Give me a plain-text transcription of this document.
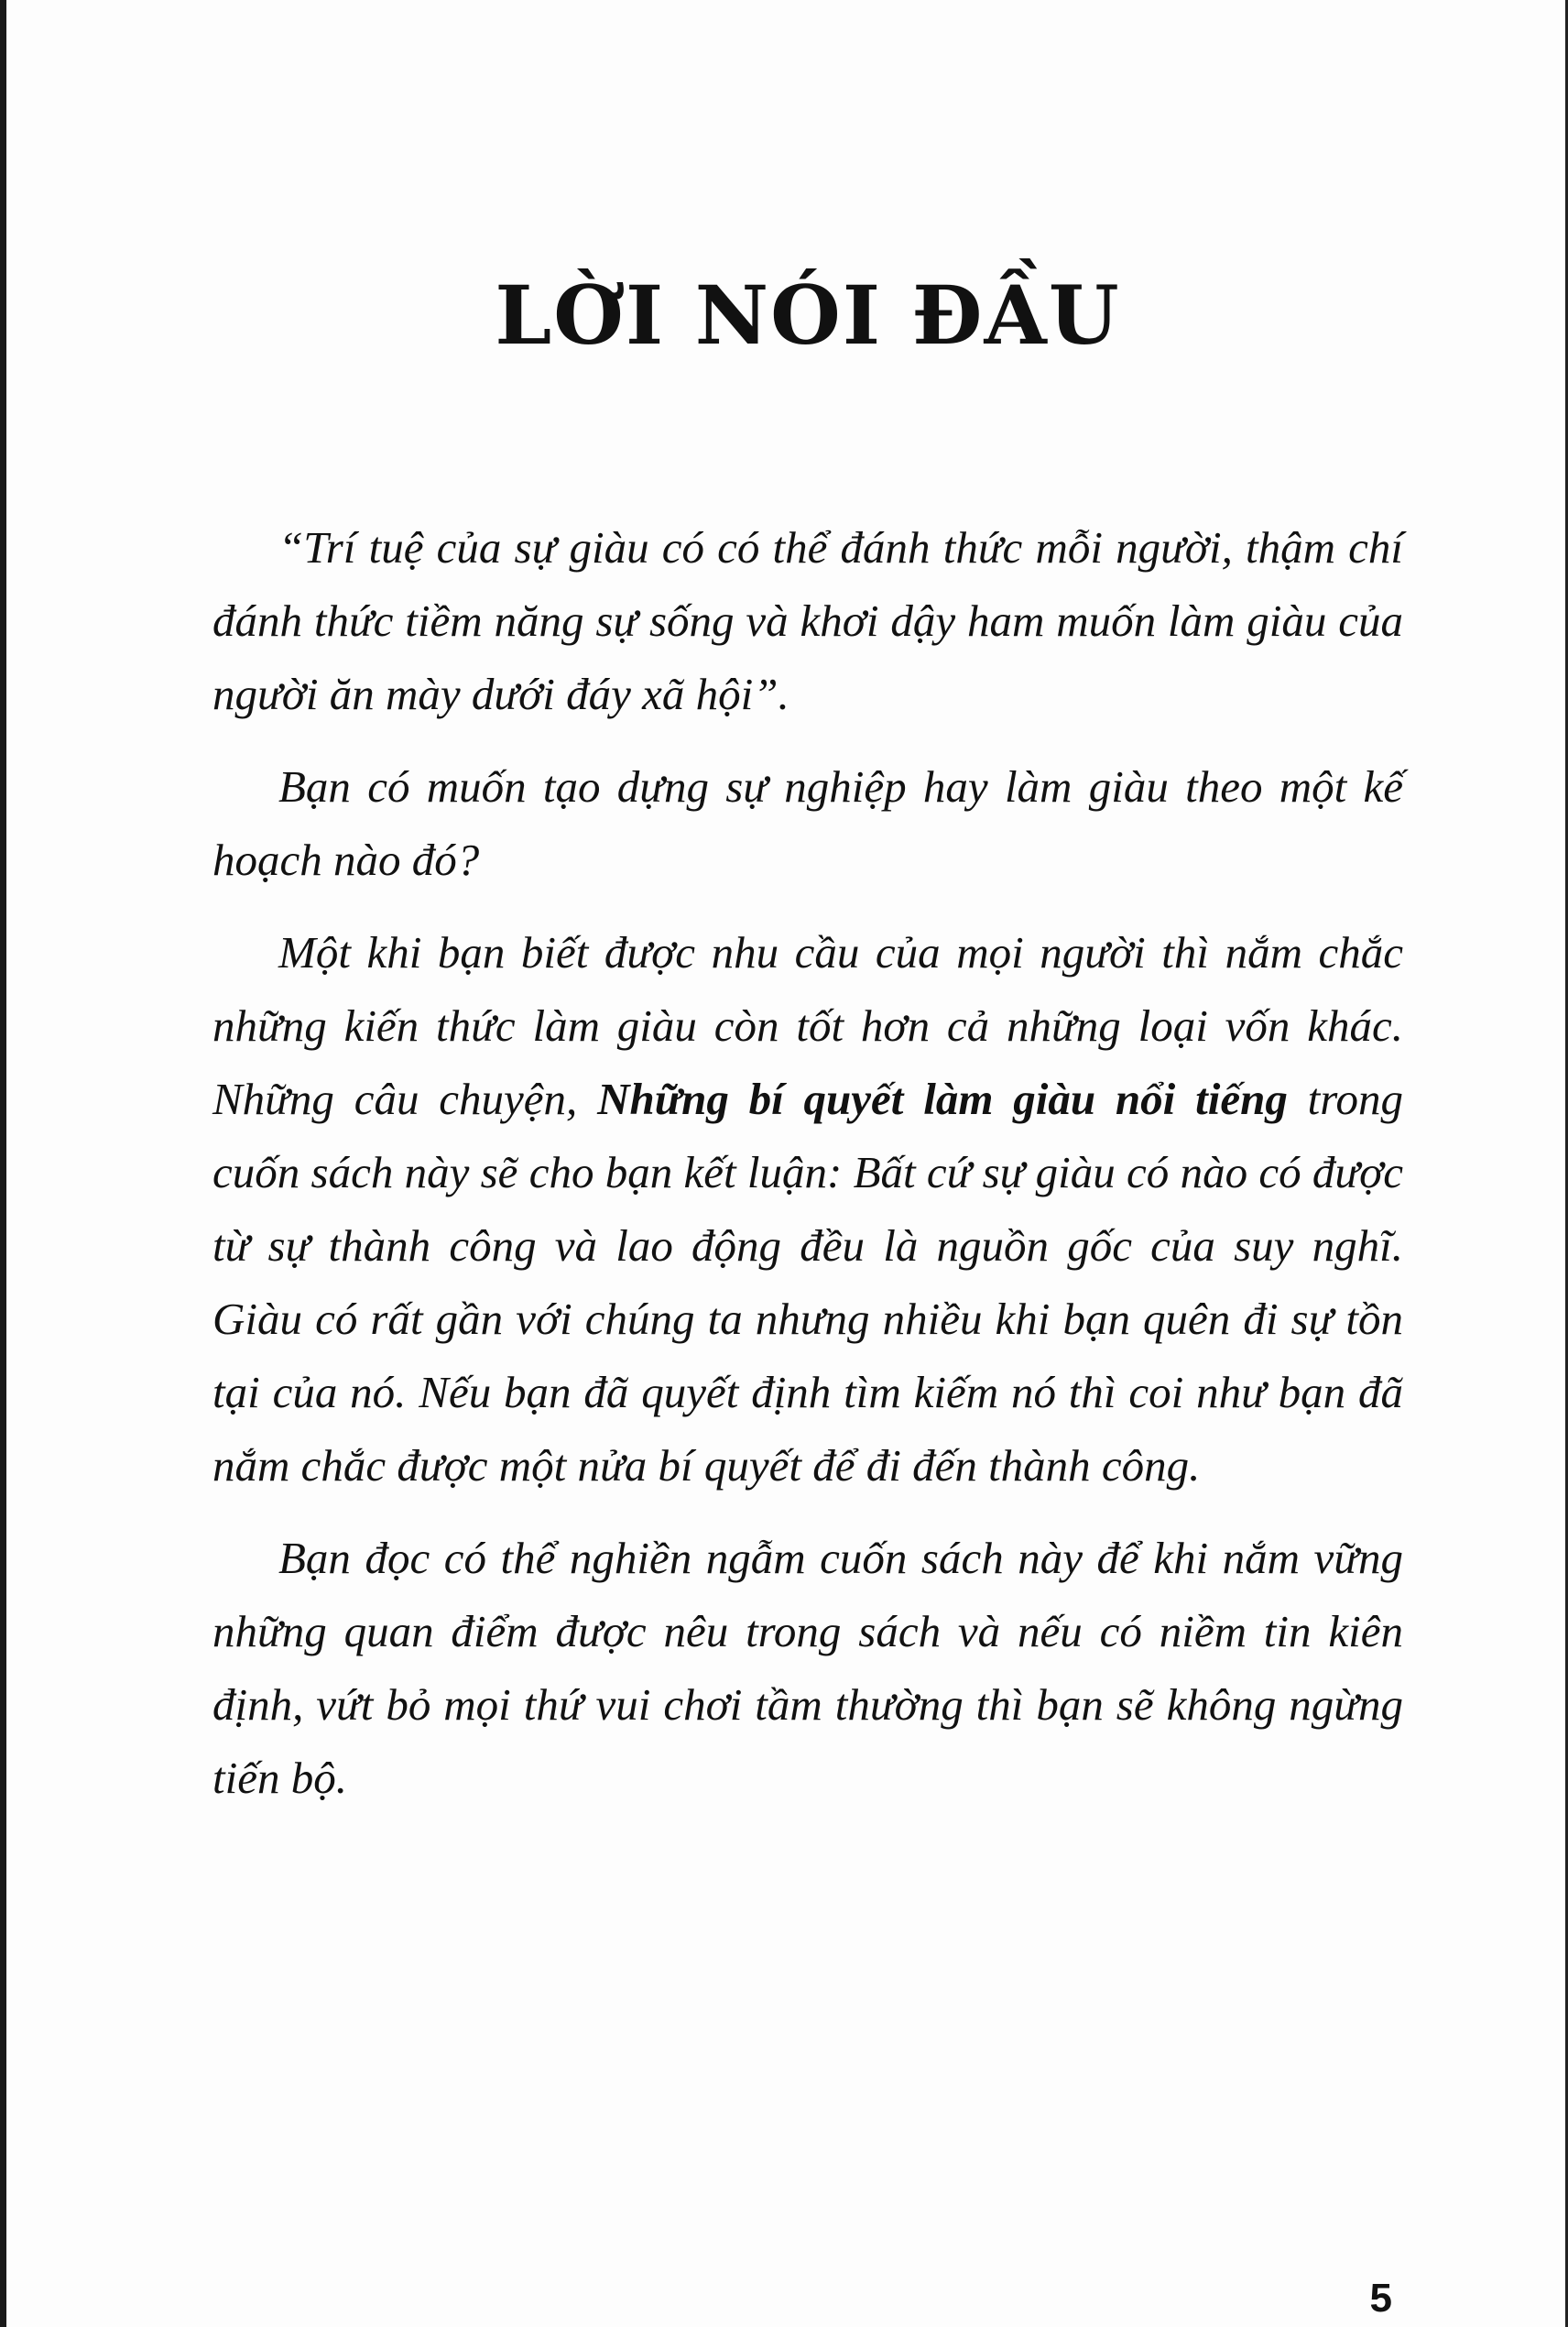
LỜI NÓI ĐẦU

“Trí tuệ của sự giàu có có thể đánh thức mỗi người, thậm chí đánh thức tiềm năng sự sống và khơi dậy ham muốn làm giàu của người ăn mày dưới đáy xã hội”.

Bạn có muốn tạo dựng sự nghiệp hay làm giàu theo một kế hoạch nào đó?

Một khi bạn biết được nhu cầu của mọi người thì nắm chắc những kiến thức làm giàu còn tốt hơn cả những loại vốn khác. Những câu chuyện, Những bí quyết làm giàu nổi tiếng trong cuốn sách này sẽ cho bạn kết luận: Bất cứ sự giàu có nào có được từ sự thành công và lao động đều là nguồn gốc của suy nghĩ. Giàu có rất gần với chúng ta nhưng nhiều khi bạn quên đi sự tồn tại của nó. Nếu bạn đã quyết định tìm kiếm nó thì coi như bạn đã nắm chắc được một nửa bí quyết để đi đến thành công.

Bạn đọc có thể nghiền ngẫm cuốn sách này để khi nắm vững những quan điểm được nêu trong sách và nếu có niềm tin kiên định, vứt bỏ mọi thứ vui chơi tầm thường thì bạn sẽ không ngừng tiến bộ.

5
